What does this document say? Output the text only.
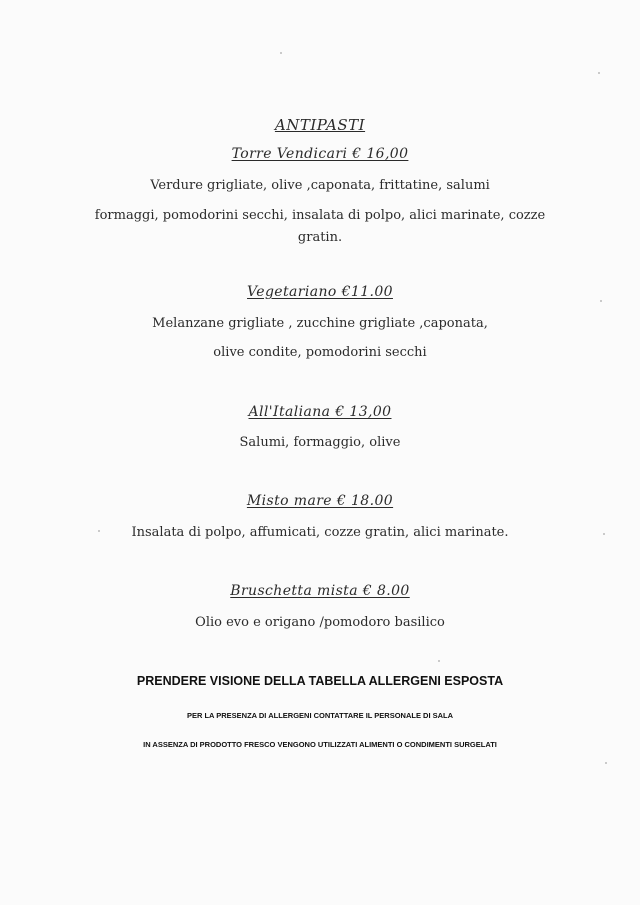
ANTIPASTI
Torre Vendicari € 16,00
Verdure grigliate, olive ,caponata, frittatine, salumi
formaggi, pomodorini secchi, insalata di polpo, alici marinate, cozze gratin.
Vegetariano €11.00
Melanzane grigliate , zucchine grigliate ,caponata,
olive condite, pomodorini secchi
All'Italiana € 13,00
Salumi, formaggio, olive
Misto mare € 18.00
Insalata di polpo, affumicati, cozze gratin, alici marinate.
Bruschetta mista € 8.00
Olio evo e origano /pomodoro basilico
PRENDERE VISIONE DELLA TABELLA ALLERGENI ESPOSTA
PER LA PRESENZA DI ALLERGENI CONTATTARE IL PERSONALE DI SALA
IN ASSENZA DI PRODOTTO FRESCO VENGONO UTILIZZATI ALIMENTI O CONDIMENTI SURGELATI
